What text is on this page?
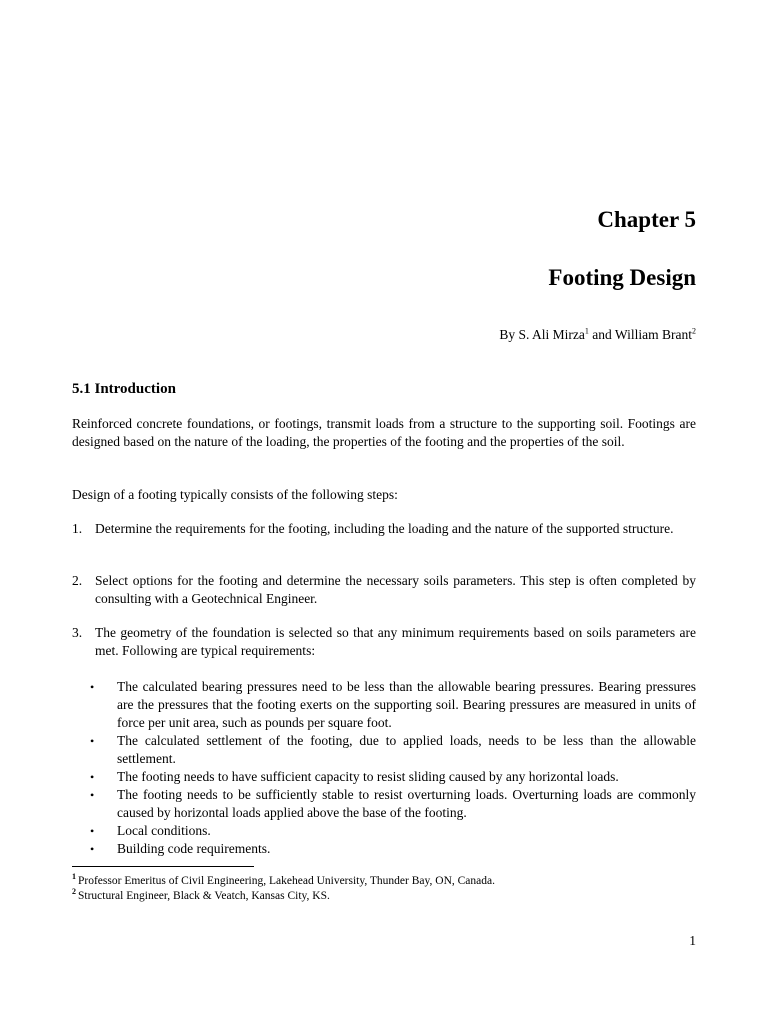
Chapter 5
Footing Design
By S. Ali Mirza$^1$ and William Brant$^2$
5.1 Introduction
Reinforced concrete foundations, or footings, transmit loads from a structure to the supporting soil. Footings are designed based on the nature of the loading, the properties of the footing and the properties of the soil.
Design of a footing typically consists of the following steps:
1. Determine the requirements for the footing, including the loading and the nature of the supported structure.
2. Select options for the footing and determine the necessary soils parameters. This step is often completed by consulting with a Geotechnical Engineer.
3. The geometry of the foundation is selected so that any minimum requirements based on soils parameters are met. Following are typical requirements:
• The calculated bearing pressures need to be less than the allowable bearing pressures. Bearing pressures are the pressures that the footing exerts on the supporting soil. Bearing pressures are measured in units of force per unit area, such as pounds per square foot.
• The calculated settlement of the footing, due to applied loads, needs to be less than the allowable settlement.
• The footing needs to have sufficient capacity to resist sliding caused by any horizontal loads.
• The footing needs to be sufficiently stable to resist overturning loads. Overturning loads are commonly caused by horizontal loads applied above the base of the footing.
• Local conditions.
• Building code requirements.
$^1$ Professor Emeritus of Civil Engineering, Lakehead University, Thunder Bay, ON, Canada.
$^2$ Structural Engineer, Black & Veatch, Kansas City, KS.
1
